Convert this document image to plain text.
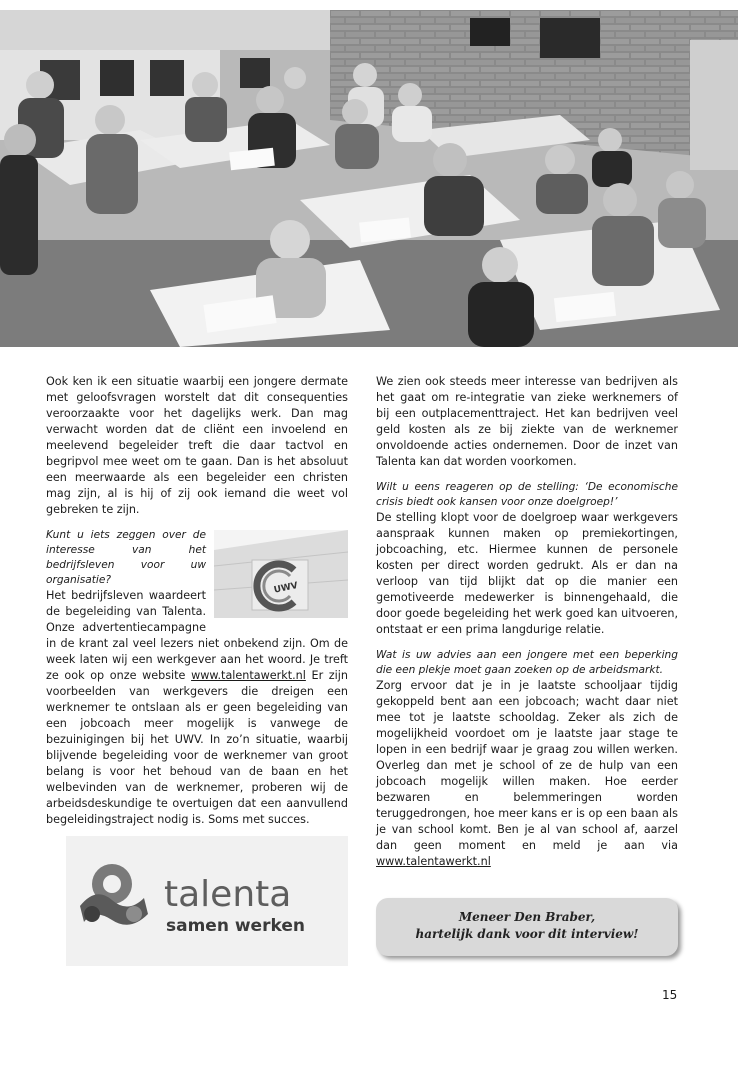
Ook ken ik een situatie waarbij een jongere dermate met geloofsvragen worstelt dat dit consequenties veroorzaakte voor het dagelijks werk. Dan mag verwacht worden dat de cliënt een invoelend en meelevend begeleider treft die daar tactvol en begripvol mee weet om te gaan. Dan is het absoluut een meerwaarde als een begeleider een christen mag zijn, al is hij of zij ook iemand die weet vol gebreken te zijn.

UWV

Kunt u iets zeggen over de interesse van het bedrijfsleven voor uw organisatie?

Het bedrijfsleven waardeert de begeleiding van Talenta. Onze advertentiecampagne in de krant zal veel lezers niet onbekend zijn. Om de week laten wij een werkgever aan het woord. Je treft ze ook op onze website www.talentawerkt.nl Er zijn voorbeelden van werkgevers die dreigen een werknemer te ontslaan als er geen begeleiding van een jobcoach meer mogelijk is vanwege de bezuinigingen bij het UWV. In zo’n situatie, waarbij blijvende begeleiding voor de werknemer van groot belang is voor het behoud van de baan en het welbevinden van de werknemer, proberen wij de arbeidsdeskundige te overtuigen dat een aanvullend begeleidingstraject nodig is. Soms met succes.

talenta
samen werken

We zien ook steeds meer interesse van bedrijven als het gaat om re-integratie van zieke werknemers of bij een outplacementtraject. Het kan bedrijven veel geld kosten als ze bij ziekte van de werknemer onvoldoende acties ondernemen. Door de inzet van Talenta kan dat worden voorkomen.

Wilt u eens reageren op de stelling: ‘De economische crisis biedt ook kansen voor onze doelgroep!’

De stelling klopt voor de doelgroep waar werkgevers aanspraak kunnen maken op premiekortingen, jobcoaching, etc. Hiermee kunnen de personele kosten per direct worden gedrukt. Als er dan na verloop van tijd blijkt dat op die manier een gemotiveerde medewerker is binnengehaald, die door goede begeleiding het werk goed kan uitvoeren, ontstaat er een prima langdurige relatie.

Wat is uw advies aan een jongere met een beperking die een plekje moet gaan zoeken op de arbeidsmarkt.

Zorg ervoor dat je in je laatste schooljaar tijdig gekoppeld bent aan een jobcoach; wacht daar niet mee tot je laatste schooldag. Zeker als zich de mogelijkheid voordoet om je laatste jaar stage te lopen in een bedrijf waar je graag zou willen werken. Overleg dan met je school of ze de hulp van een jobcoach mogelijk willen maken. Hoe eerder bezwaren en belemmeringen worden teruggedrongen, hoe meer kans er is op een baan als je van school komt. Ben je al van school af, aarzel dan geen moment en meld je aan via www.talentawerkt.nl

Meneer Den Braber,
hartelijk dank voor dit interview!
15
